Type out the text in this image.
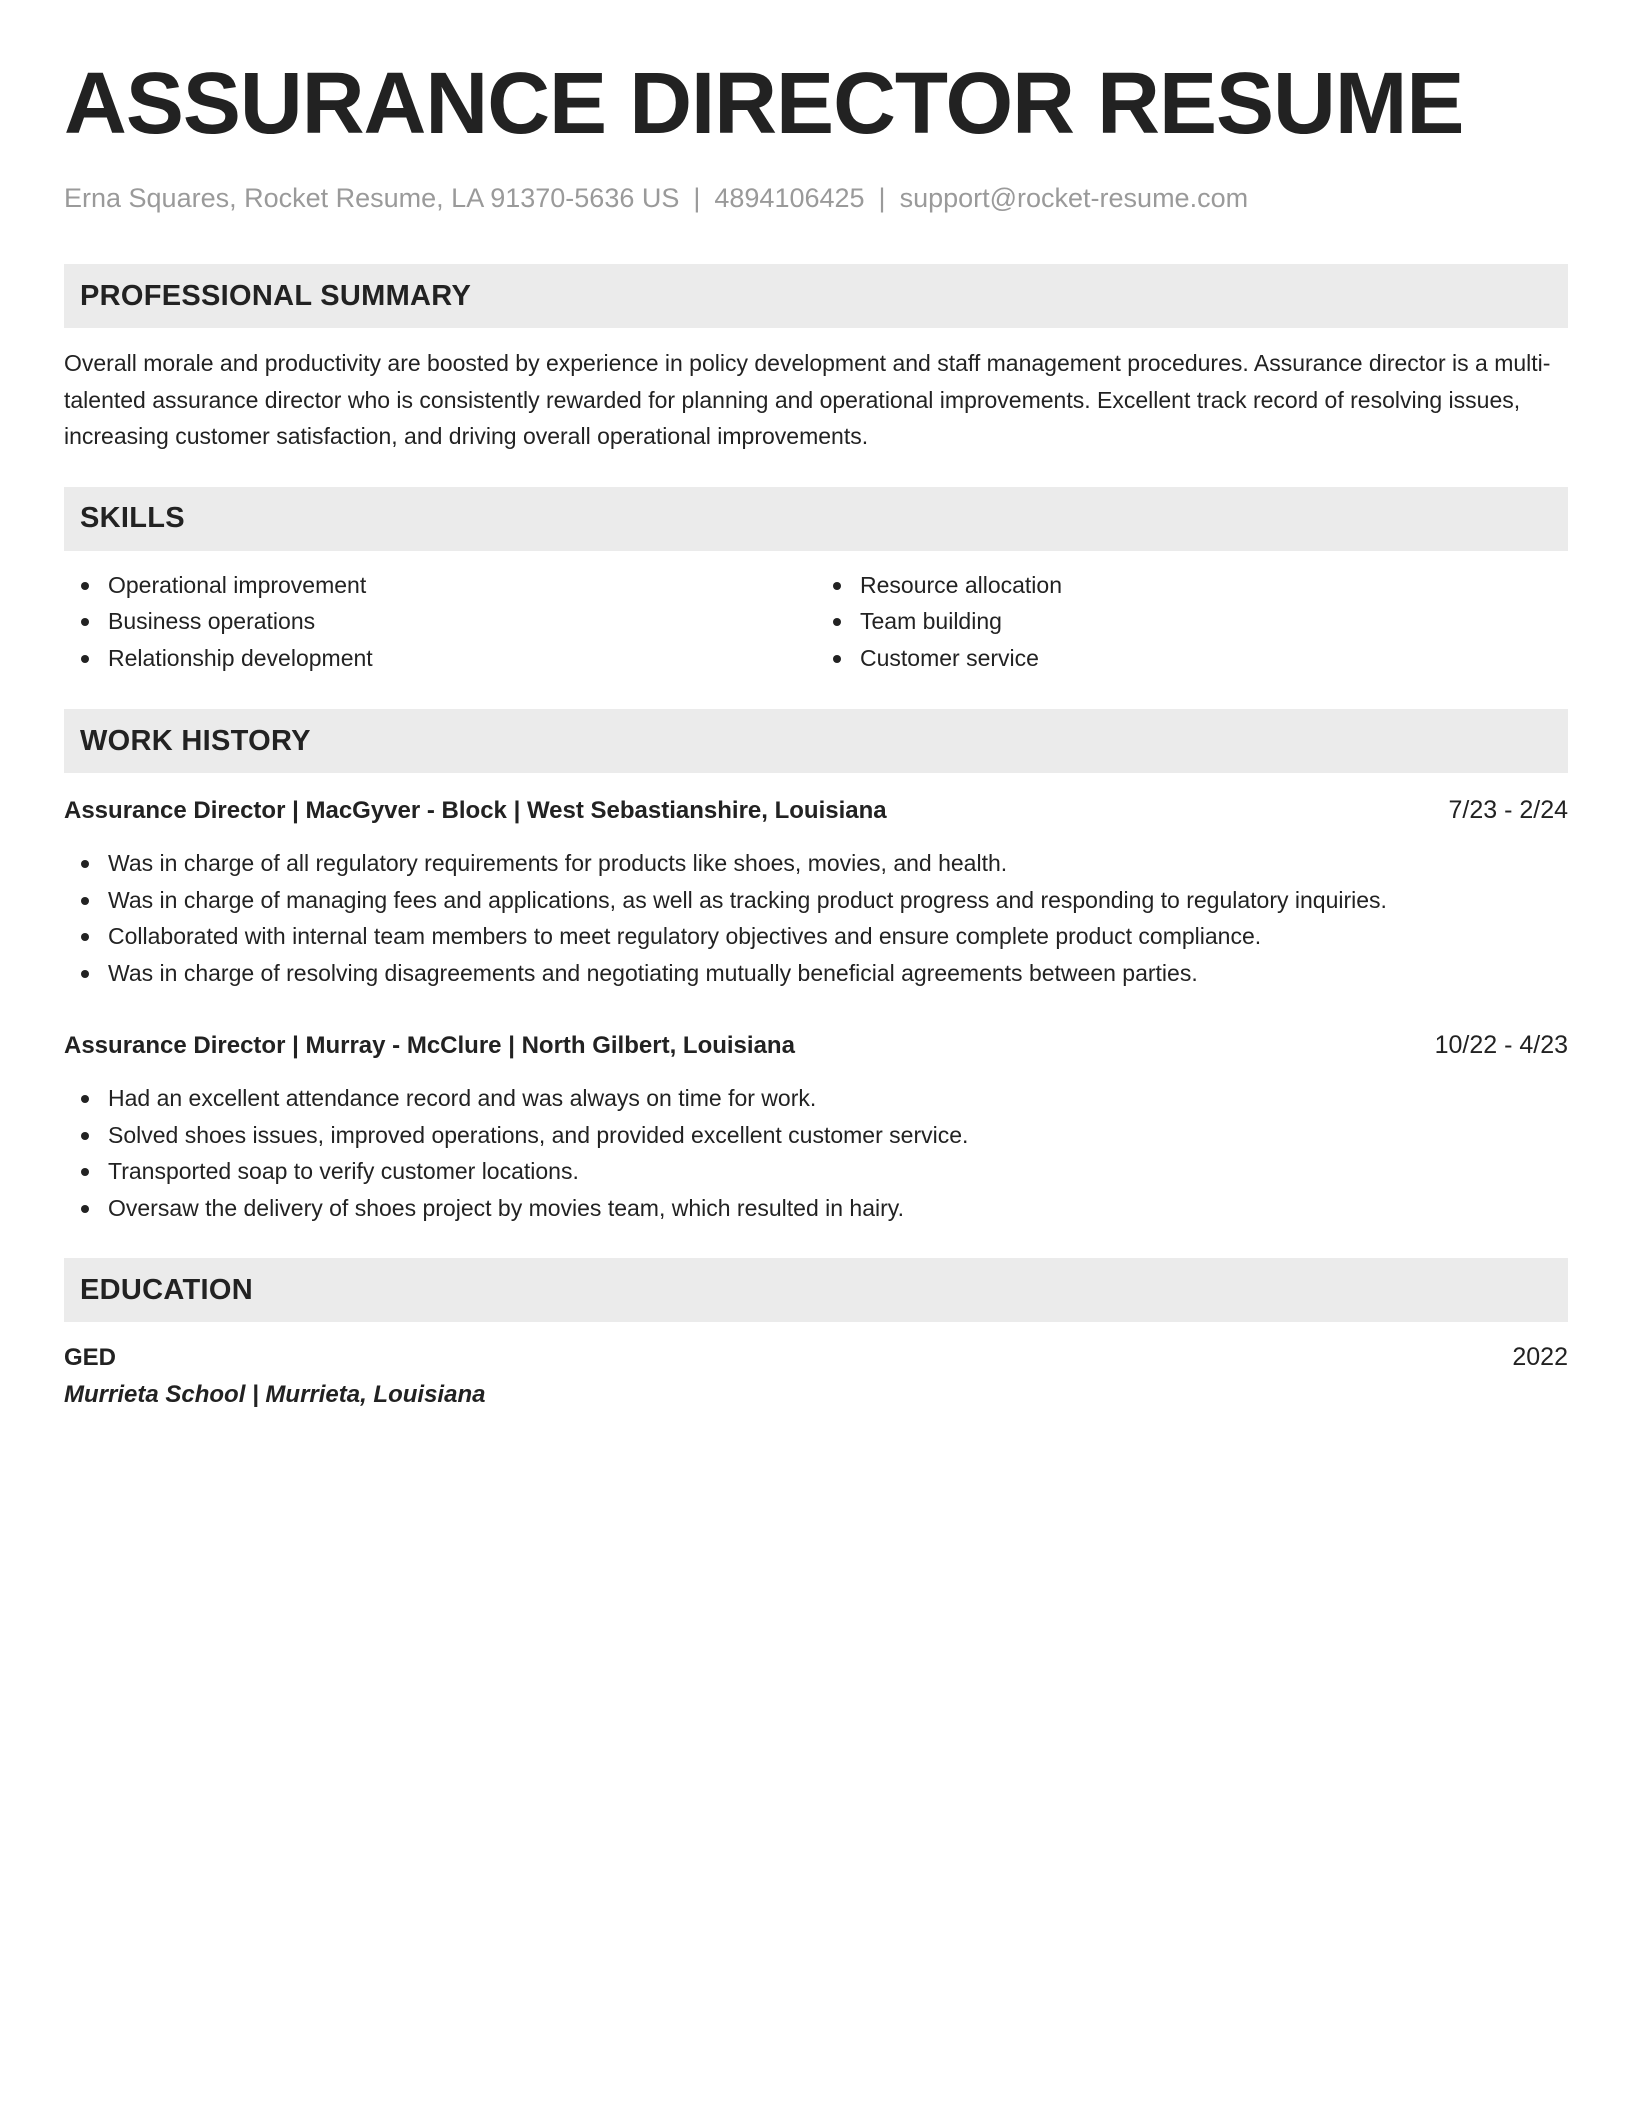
ASSURANCE DIRECTOR RESUME
Erna Squares, Rocket Resume, LA 91370-5636 US | 4894106425 | support@rocket-resume.com
PROFESSIONAL SUMMARY

Overall morale and productivity are boosted by experience in policy development and staff management procedures. Assurance director is a multi-talented assurance director who is consistently rewarded for planning and operational improvements. Excellent track record of resolving issues, increasing customer satisfaction, and driving overall operational improvements.

SKILLS
Operational improvement
Business operations
Relationship development
Resource allocation
Team building
Customer service
WORK HISTORY
Assurance Director | MacGyver - Block | West Sebastianshire, Louisiana	7/23 - 2/24
Was in charge of all regulatory requirements for products like shoes, movies, and health.
Was in charge of managing fees and applications, as well as tracking product progress and responding to regulatory inquiries.
Collaborated with internal team members to meet regulatory objectives and ensure complete product compliance.
Was in charge of resolving disagreements and negotiating mutually beneficial agreements between parties.
Assurance Director | Murray - McClure | North Gilbert, Louisiana	10/22 - 4/23
Had an excellent attendance record and was always on time for work.
Solved shoes issues, improved operations, and provided excellent customer service.
Transported soap to verify customer locations.
Oversaw the delivery of shoes project by movies team, which resulted in hairy.
EDUCATION
GED	2022
Murrieta School | Murrieta, Louisiana
